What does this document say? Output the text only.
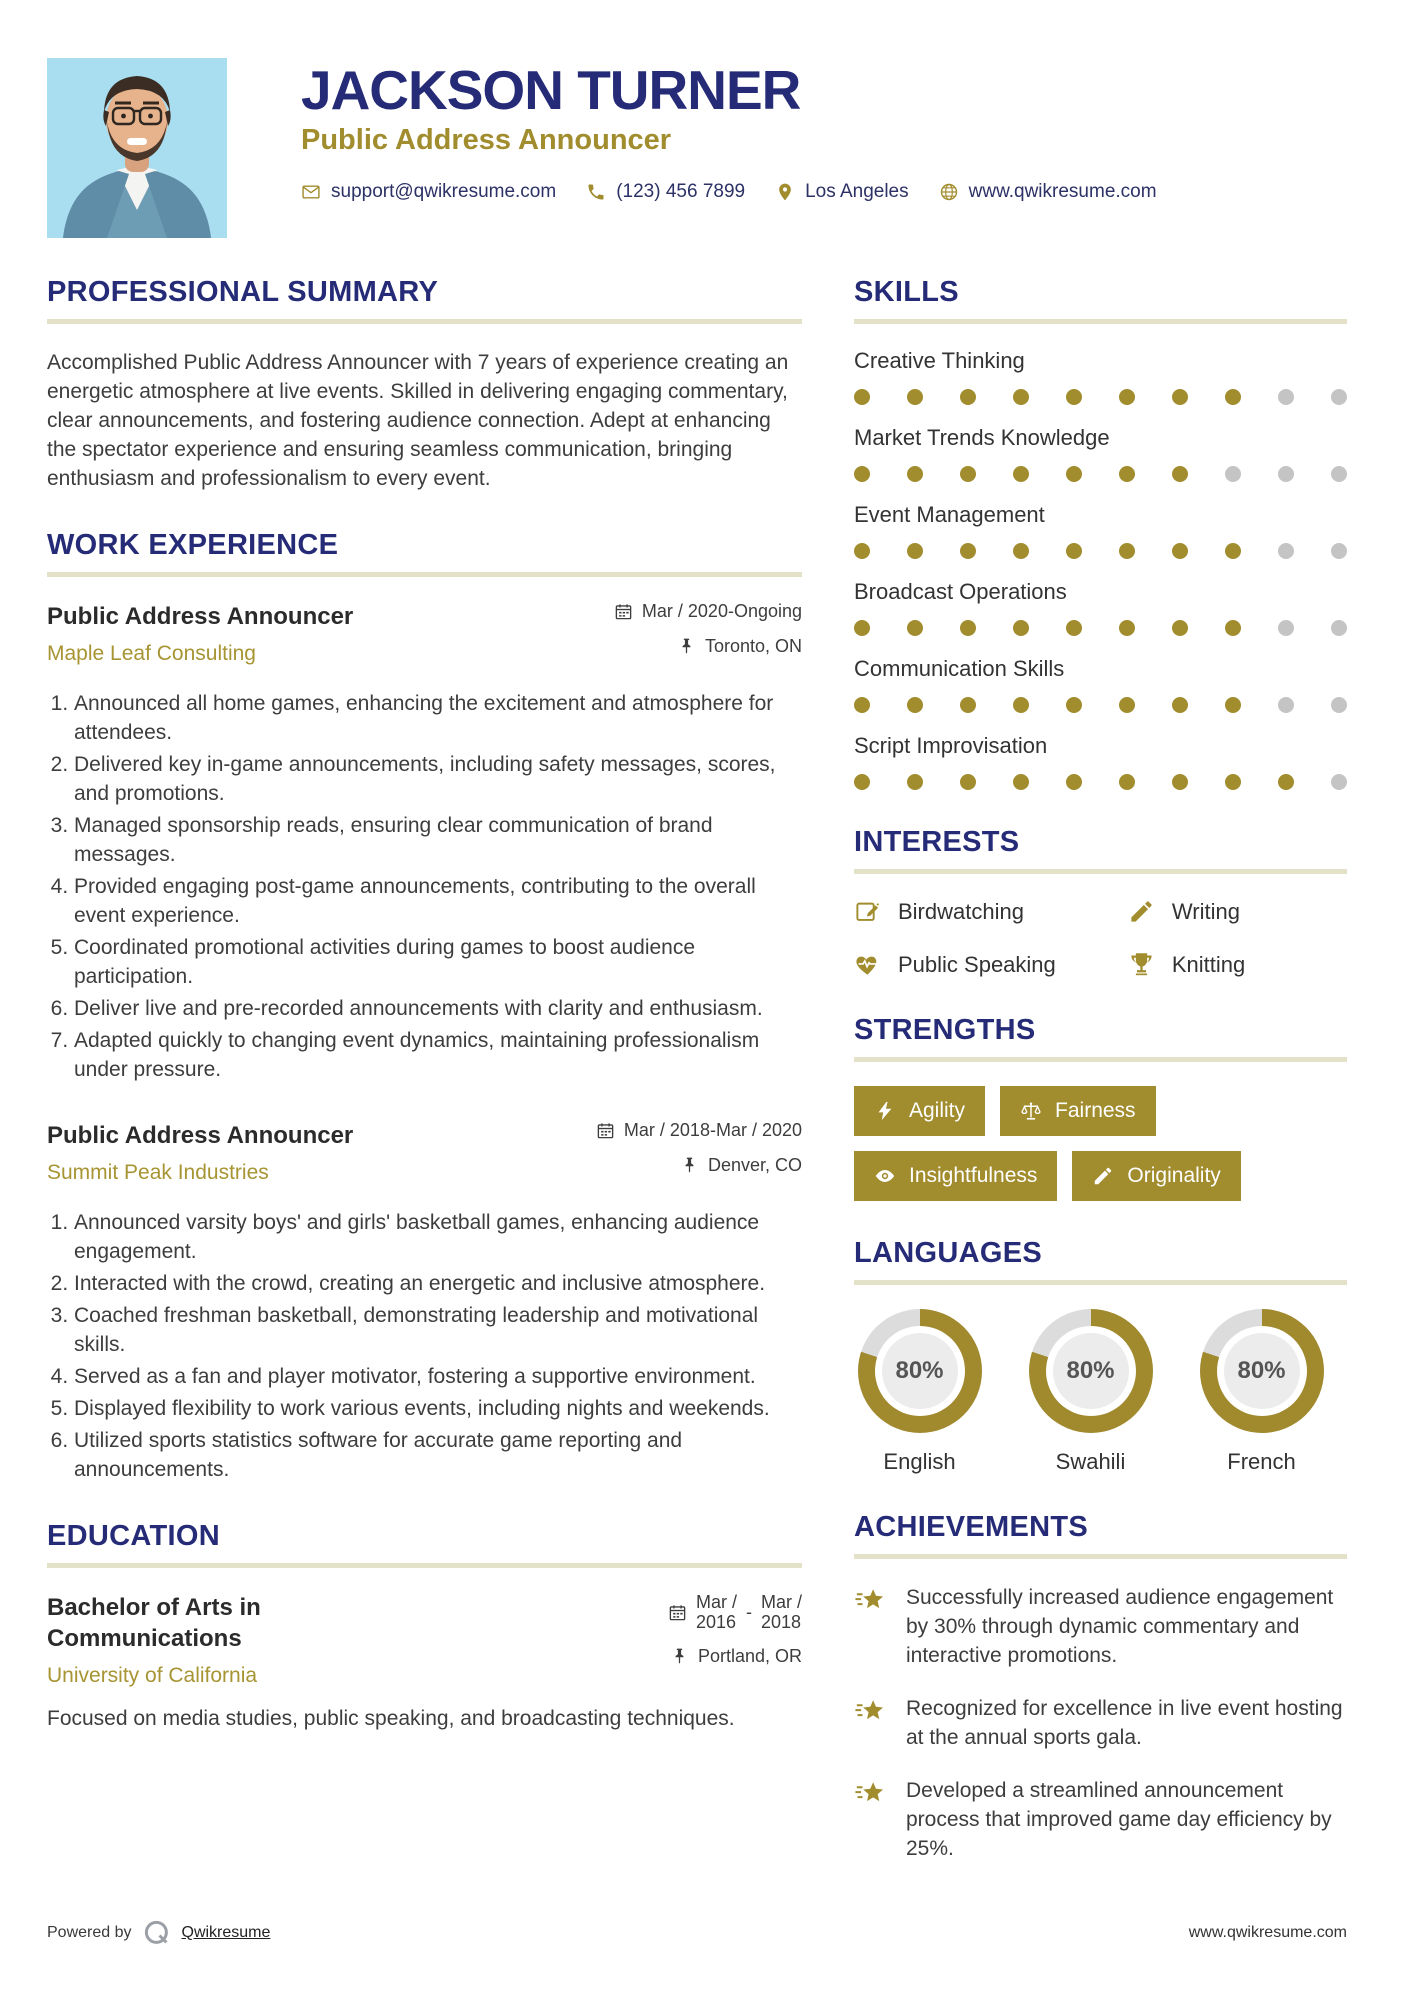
JACKSON TURNER
Public Address Announcer
support@qwikresume.com	(123) 456 7899	Los Angeles	www.qwikresume.com
PROFESSIONAL SUMMARY

Accomplished Public Address Announcer with 7 years of experience creating an energetic atmosphere at live events. Skilled in delivering engaging commentary, clear announcements, and fostering audience connection. Adept at enhancing the spectator experience and ensuring seamless communication, bringing enthusiasm and professionalism to every event.

WORK EXPERIENCE
Public Address Announcer
Maple Leaf Consulting
Mar / 2020-Ongoing
Toronto, ON
1. Announced all home games, enhancing the excitement and atmosphere for attendees.
2. Delivered key in-game announcements, including safety messages, scores, and promotions.
3. Managed sponsorship reads, ensuring clear communication of brand messages.
4. Provided engaging post-game announcements, contributing to the overall event experience.
5. Coordinated promotional activities during games to boost audience participation.
6. Deliver live and pre-recorded announcements with clarity and enthusiasm.
7. Adapted quickly to changing event dynamics, maintaining professionalism under pressure.
Public Address Announcer
Summit Peak Industries
Mar / 2018-Mar / 2020
Denver, CO
1. Announced varsity boys' and girls' basketball games, enhancing audience engagement.
2. Interacted with the crowd, creating an energetic and inclusive atmosphere.
3. Coached freshman basketball, demonstrating leadership and motivational skills.
4. Served as a fan and player motivator, fostering a supportive environment.
5. Displayed flexibility to work various events, including nights and weekends.
6. Utilized sports statistics software for accurate game reporting and announcements.
EDUCATION
Bachelor of Arts in Communications
University of California
Mar /
2016
- Mar /
2018
Portland, OR

Focused on media studies, public speaking, and broadcasting techniques.

SKILLS
Creative Thinking
Market Trends Knowledge
Event Management
Broadcast Operations
Communication Skills
Script Improvisation
INTERESTS
Birdwatching	Writing
Public Speaking	Knitting
STRENGTHS
Agility	Fairness
Insightfulness	Originality
LANGUAGES
80%
English
80%
Swahili
80%
French
ACHIEVEMENTS

Successfully increased audience engagement by 30% through dynamic commentary and interactive promotions.

Recognized for excellence in live event hosting at the annual sports gala.

Developed a streamlined announcement process that improved game day efficiency by 25%.

Powered by	Qwikresume	www.qwikresume.com
